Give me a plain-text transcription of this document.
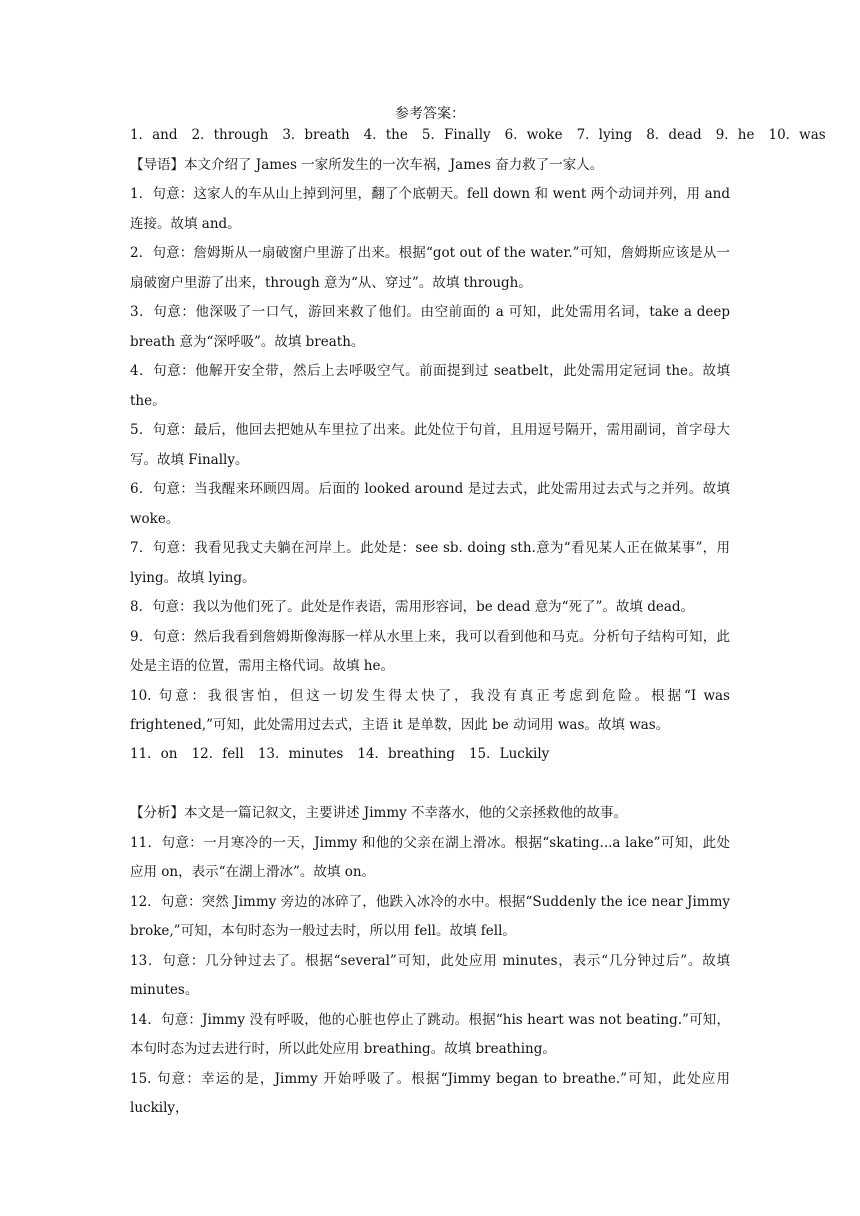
参考答案：

1．and 2．through 3．breath 4．the 5．Finally 6．woke 7．lying 8．dead 9．he 10．was

【导语】本文介绍了 James 一家所发生的一次车祸，James 奋力救了一家人。

1．句意：这家人的车从山上掉到河里，翻了个底朝天。fell down 和 went 两个动词并列，用 and 连接。故填 and。

2．句意：詹姆斯从一扇破窗户里游了出来。根据“got out of the water.”可知，詹姆斯应该是从一扇破窗户里游了出来，through 意为“从、穿过”。故填 through。

3．句意：他深吸了一口气，游回来救了他们。由空前面的 a 可知，此处需用名词，take a deep breath 意为“深呼吸”。故填 breath。

4．句意：他解开安全带，然后上去呼吸空气。前面提到过 seatbelt，此处需用定冠词 the。故填 the。

5．句意：最后，他回去把她从车里拉了出来。此处位于句首，且用逗号隔开，需用副词，首字母大写。故填 Finally。

6．句意：当我醒来环顾四周。后面的 looked around 是过去式，此处需用过去式与之并列。故填 woke。

7．句意：我看见我丈夫躺在河岸上。此处是：see sb. doing sth.意为“看见某人正在做某事”，用 lying。故填 lying。

8．句意：我以为他们死了。此处是作表语，需用形容词，be dead 意为“死了”。故填 dead。

9．句意：然后我看到詹姆斯像海豚一样从水里上来，我可以看到他和马克。分析句子结构可知，此处是主语的位置，需用主格代词。故填 he。

10. 句意：我很害怕，但这一切发生得太快了，我没有真正考虑到危险。根据“I was frightened,”可知，此处需用过去式，主语 it 是单数，因此 be 动词用 was。故填 was。

11．on 12．fell 13．minutes 14．breathing 15．Luckily

【分析】本文是一篇记叙文，主要讲述 Jimmy 不幸落水，他的父亲拯救他的故事。

11．句意：一月寒冷的一天，Jimmy 和他的父亲在湖上滑冰。根据“skating...a lake”可知，此处应用 on，表示“在湖上滑冰”。故填 on。

12．句意：突然 Jimmy 旁边的冰碎了，他跌入冰冷的水中。根据“Suddenly the ice near Jimmy broke,”可知，本句时态为一般过去时，所以用 fell。故填 fell。

13．句意：几分钟过去了。根据“several”可知，此处应用 minutes，表示“几分钟过后”。故填 minutes。

14．句意：Jimmy 没有呼吸，他的心脏也停止了跳动。根据“his heart was not beating.”可知，本句时态为过去进行时，所以此处应用 breathing。故填 breathing。

15. 句意：幸运的是，Jimmy 开始呼吸了。根据“Jimmy began to breathe.”可知，此处应用 luckily，
